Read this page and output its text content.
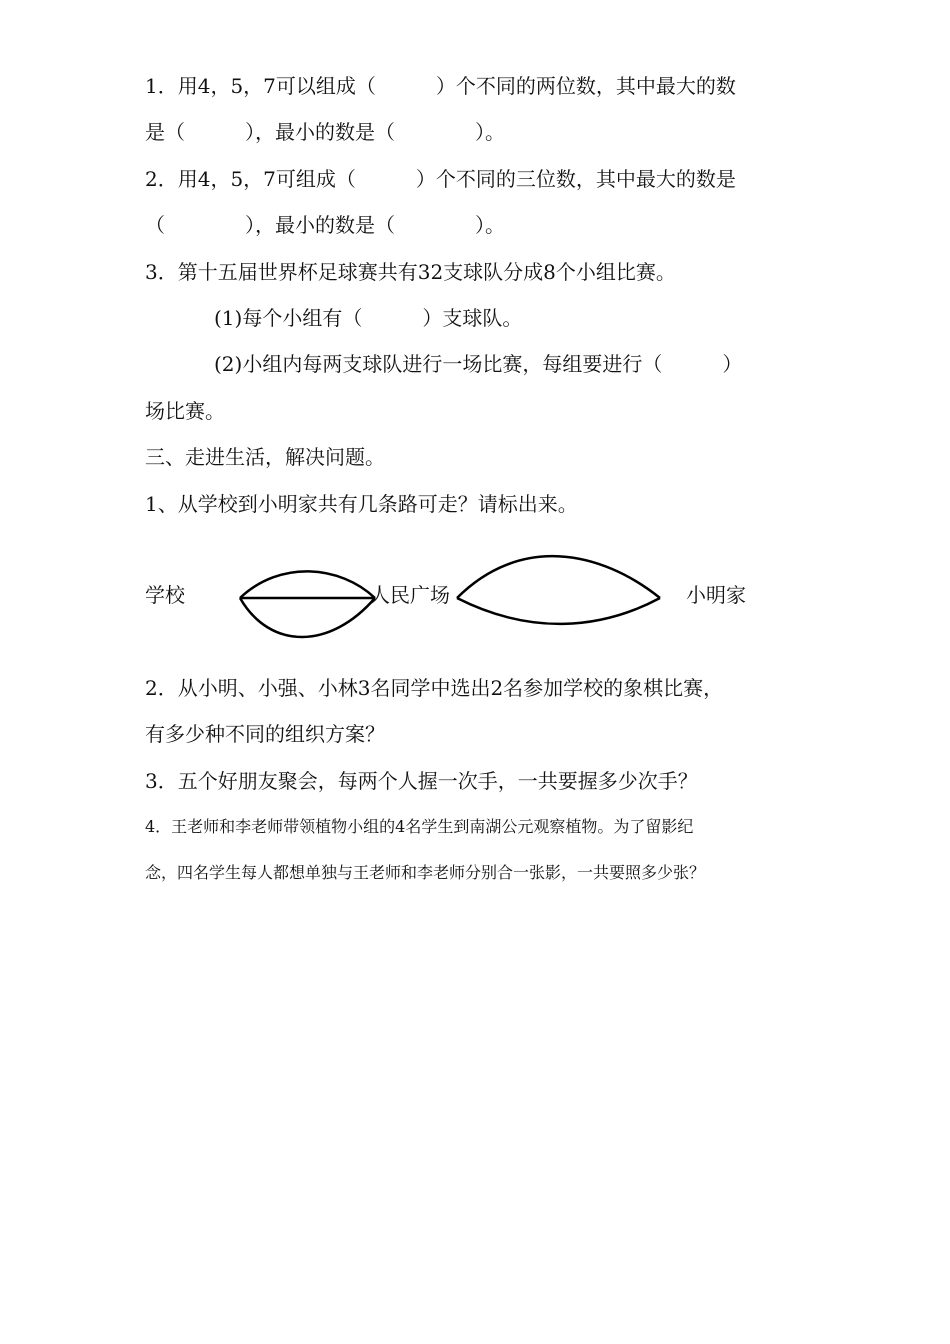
1．用4，5，7可以组成（　　　）个不同的两位数，其中最大的数
是（　　　），最小的数是（　　　　）。
2．用4，5，7可组成（　　　）个不同的三位数，其中最大的数是
（　　　　），最小的数是（　　　　）。
3．第十五届世界杯足球赛共有32支球队分成8个小组比赛。
(1)每个小组有（　　　）支球队。
(2)小组内每两支球队进行一场比赛，每组要进行（　　　）
场比赛。
三、走进生活，解决问题。
1、从学校到小明家共有几条路可走？请标出来。
学校	人民广场	小明家
2．从小明、小强、小林3名同学中选出2名参加学校的象棋比赛，
有多少种不同的组织方案？
3．五个好朋友聚会，每两个人握一次手，一共要握多少次手？
4．王老师和李老师带领植物小组的4名学生到南湖公元观察植物。为了留影纪
念，四名学生每人都想单独与王老师和李老师分别合一张影，一共要照多少张？
